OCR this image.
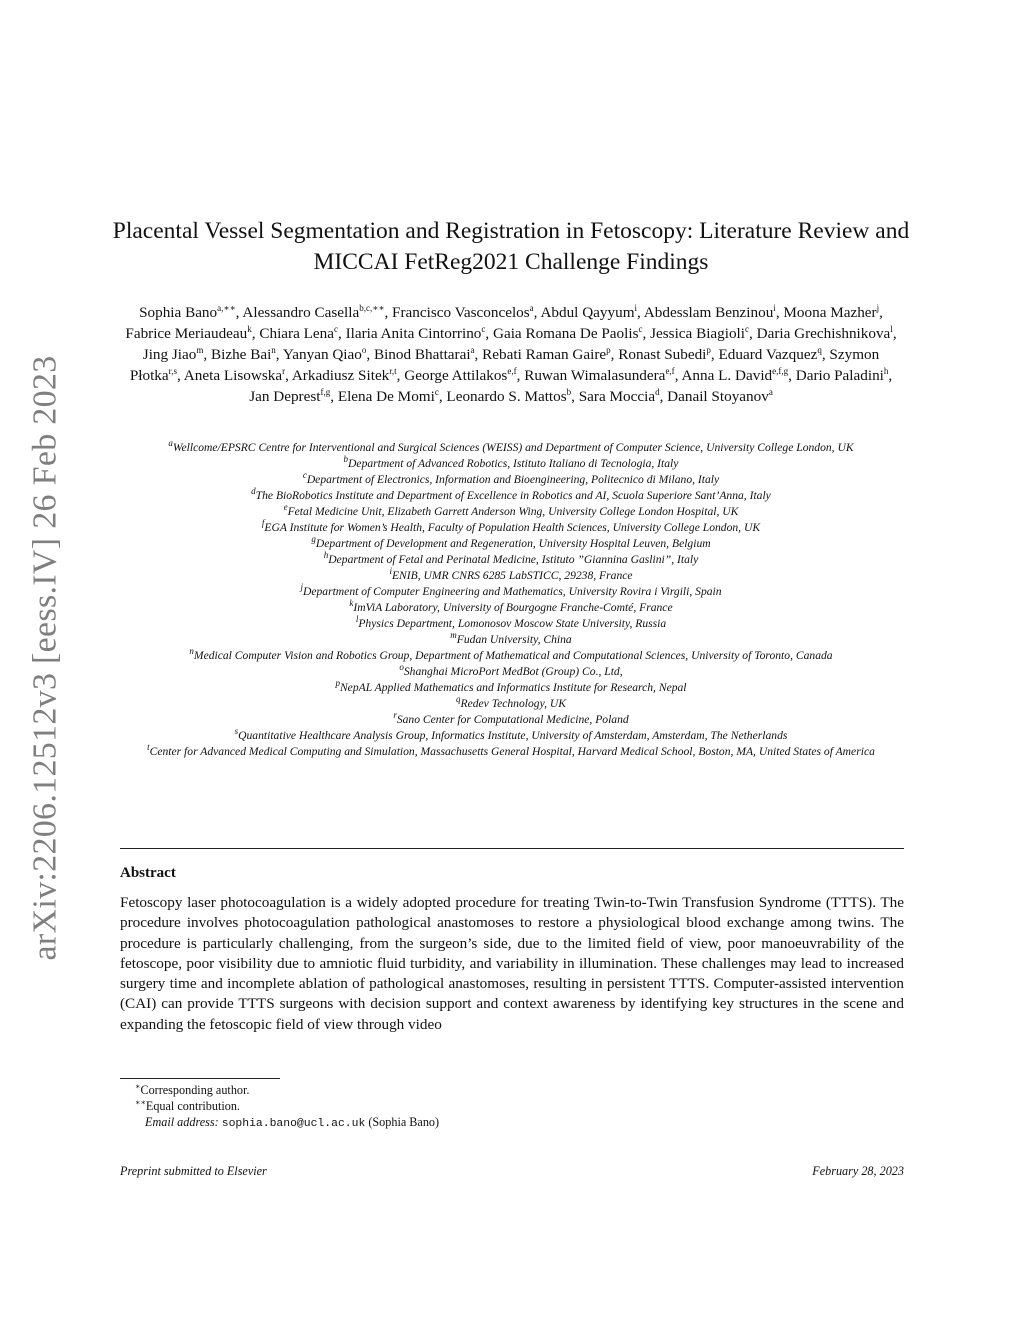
arXiv:2206.12512v3 [eess.IV] 26 Feb 2023
Placental Vessel Segmentation and Registration in Fetoscopy: Literature Review and MICCAI FetReg2021 Challenge Findings

Sophia Bano$^{a,∗∗}$, Alessandro Casella$^{b,c,∗∗}$, Francisco Vasconcelos$^a$, Abdul Qayyum$^i$, Abdesslam Benzinou$^i$, Moona Mazher$^j$, Fabrice Meriaudeau$^k$, Chiara Lena$^c$, Ilaria Anita Cintorrino$^c$, Gaia Romana De Paolis$^c$, Jessica Biagioli$^c$, Daria Grechishnikova$^l$, Jing Jiao$^m$, Bizhe Bai$^n$, Yanyan Qiao$^o$, Binod Bhattarai$^a$, Rebati Raman Gaire$^p$, Ronast Subedi$^p$, Eduard Vazquez$^q$, Szymon Płotka$^{r,s}$, Aneta Lisowska$^r$, Arkadiusz Sitek$^{r,t}$, George Attilakos$^{e,f}$, Ruwan Wimalasundera$^{e,f}$, Anna L. David$^{e,f,g}$, Dario Paladini$^h$, Jan Deprest$^{f,g}$, Elena De Momi$^c$, Leonardo S. Mattos$^b$, Sara Moccia$^d$, Danail Stoyanov$^a$

$^a$Wellcome/EPSRC Centre for Interventional and Surgical Sciences (WEISS) and Department of Computer Science, University College London, UK
$^b$Department of Advanced Robotics, Istituto Italiano di Tecnologia, Italy
$^c$Department of Electronics, Information and Bioengineering, Politecnico di Milano, Italy
$^d$The BioRobotics Institute and Department of Excellence in Robotics and AI, Scuola Superiore Sant’Anna, Italy
$^e$Fetal Medicine Unit, Elizabeth Garrett Anderson Wing, University College London Hospital, UK
$^f$EGA Institute for Women’s Health, Faculty of Population Health Sciences, University College London, UK
$^g$Department of Development and Regeneration, University Hospital Leuven, Belgium
$^h$Department of Fetal and Perinatal Medicine, Istituto ”Giannina Gaslini”, Italy
$^i$ENIB, UMR CNRS 6285 LabSTICC, 29238, France
$^j$Department of Computer Engineering and Mathematics, University Rovira i Virgili, Spain
$^k$ImViA Laboratory, University of Bourgogne Franche-Comté, France
$^l$Physics Department, Lomonosov Moscow State University, Russia
$^m$Fudan University, China
$^n$Medical Computer Vision and Robotics Group, Department of Mathematical and Computational Sciences, University of Toronto, Canada
$^o$Shanghai MicroPort MedBot (Group) Co., Ltd,
$^p$NepAL Applied Mathematics and Informatics Institute for Research, Nepal
$^q$Redev Technology, UK
$^r$Sano Center for Computational Medicine, Poland
$^s$Quantitative Healthcare Analysis Group, Informatics Institute, University of Amsterdam, Amsterdam, The Netherlands
$^t$Center for Advanced Medical Computing and Simulation, Massachusetts General Hospital, Harvard Medical School, Boston, MA, United States of America
Abstract

Fetoscopy laser photocoagulation is a widely adopted procedure for treating Twin-to-Twin Transfusion Syndrome (TTTS). The procedure involves photocoagulation pathological anastomoses to restore a physiological blood exchange among twins. The procedure is particularly challenging, from the surgeon’s side, due to the limited field of view, poor manoeuvrability of the fetoscope, poor visibility due to amniotic fluid turbidity, and variability in illumination. These challenges may lead to increased surgery time and incomplete ablation of pathological anastomoses, resulting in persistent TTTS. Computer-assisted intervention (CAI) can provide TTTS surgeons with decision support and context awareness by identifying key structures in the scene and expanding the fetoscopic field of view through video

∗Corresponding author.
∗∗Equal contribution.
Email address: sophia.bano@ucl.ac.uk (Sophia Bano)

Preprint submitted to Elsevier	February 28, 2023
